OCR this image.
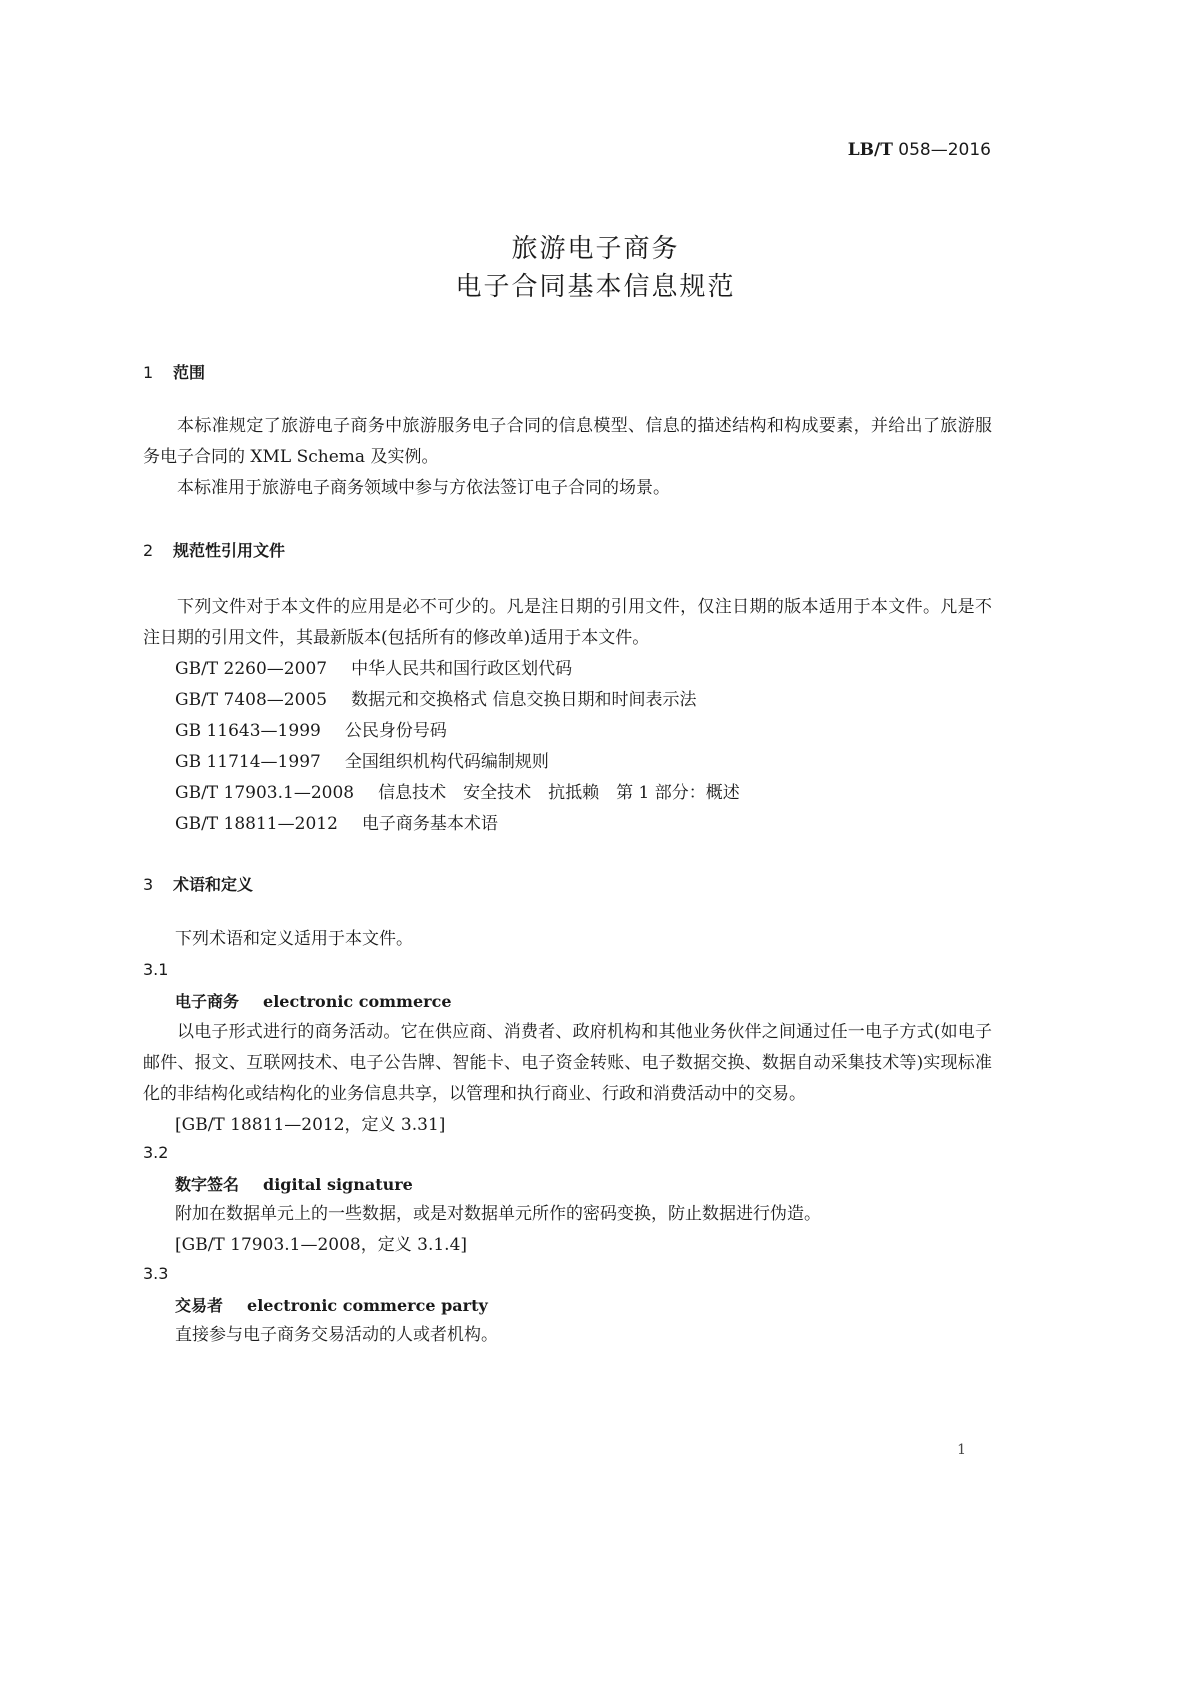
LB/T 058—2016
旅游电子商务
电子合同基本信息规范
1 范围
本标准规定了旅游电子商务中旅游服务电子合同的信息模型、信息的描述结构和构成要素，并给出了旅游服务电子合同的 XML Schema 及实例。
本标准用于旅游电子商务领域中参与方依法签订电子合同的场景。
2 规范性引用文件
下列文件对于本文件的应用是必不可少的。凡是注日期的引用文件，仅注日期的版本适用于本文件。凡是不注日期的引用文件，其最新版本(包括所有的修改单)适用于本文件。
GB/T 2260—2007 中华人民共和国行政区划代码
GB/T 7408—2005 数据元和交换格式 信息交换日期和时间表示法
GB 11643—1999 公民身份号码
GB 11714—1997 全国组织机构代码编制规则
GB/T 17903.1—2008 信息技术　安全技术　抗抵赖　第 1 部分：概述
GB/T 18811—2012 电子商务基本术语
3 术语和定义
下列术语和定义适用于本文件。
3.1
电子商务 electronic commerce
以电子形式进行的商务活动。它在供应商、消费者、政府机构和其他业务伙伴之间通过任一电子方式(如电子邮件、报文、互联网技术、电子公告牌、智能卡、电子资金转账、电子数据交换、数据自动采集技术等)实现标准化的非结构化或结构化的业务信息共享，以管理和执行商业、行政和消费活动中的交易。
[GB/T 18811—2012，定义 3.31]
3.2
数字签名 digital signature
附加在数据单元上的一些数据，或是对数据单元所作的密码变换，防止数据进行伪造。
[GB/T 17903.1—2008，定义 3.1.4]
3.3
交易者 electronic commerce party
直接参与电子商务交易活动的人或者机构。
1
